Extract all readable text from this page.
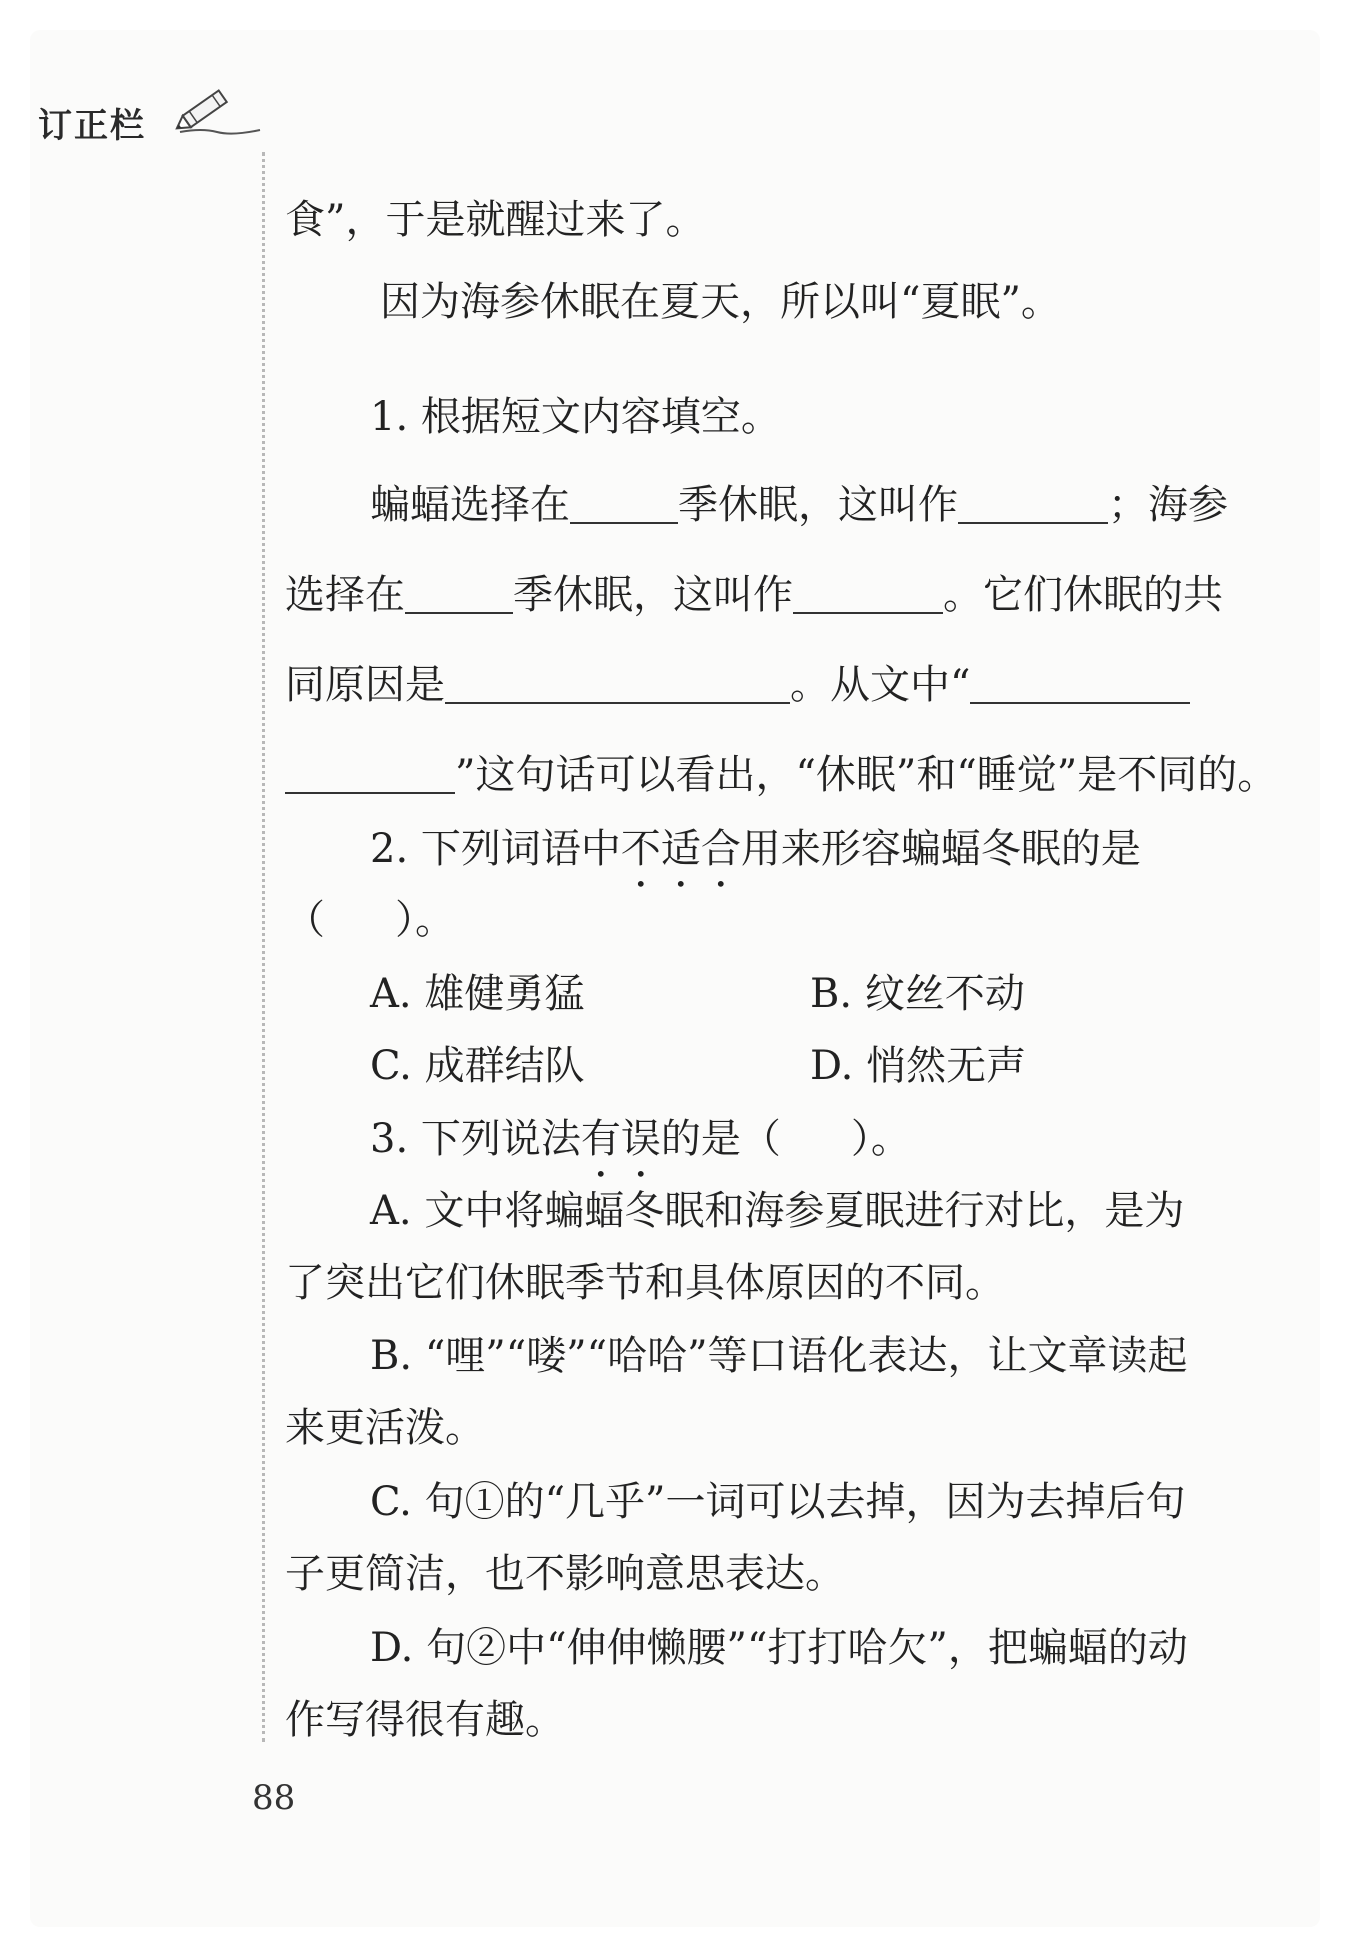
订正栏
食”，于是就醒过来了。
因为海参休眠在夏天，所以叫“夏眠”。
1. 根据短文内容填空。
蝙蝠选择在	季休眠，这叫作	；海参
选择在	季休眠，这叫作	。它们休眠的共
同原因是	。从文中“
”这句话可以看出，“休眠”和“睡觉”是不同的。
2. 下列词语中不适合用来形容蝙蝠冬眠的是
（ ）。
A. 雄健勇猛	B. 纹丝不动
C. 成群结队	D. 悄然无声
3. 下列说法有误的是（ ）。
A. 文中将蝙蝠冬眠和海参夏眠进行对比，是为
了突出它们休眠季节和具体原因的不同。
B. “哩”“喽”“哈哈”等口语化表达，让文章读起
来更活泼。
C. 句①的“几乎”一词可以去掉，因为去掉后句
子更简洁，也不影响意思表达。
D. 句②中“伸伸懒腰”“打打哈欠”，把蝙蝠的动
作写得很有趣。
88
